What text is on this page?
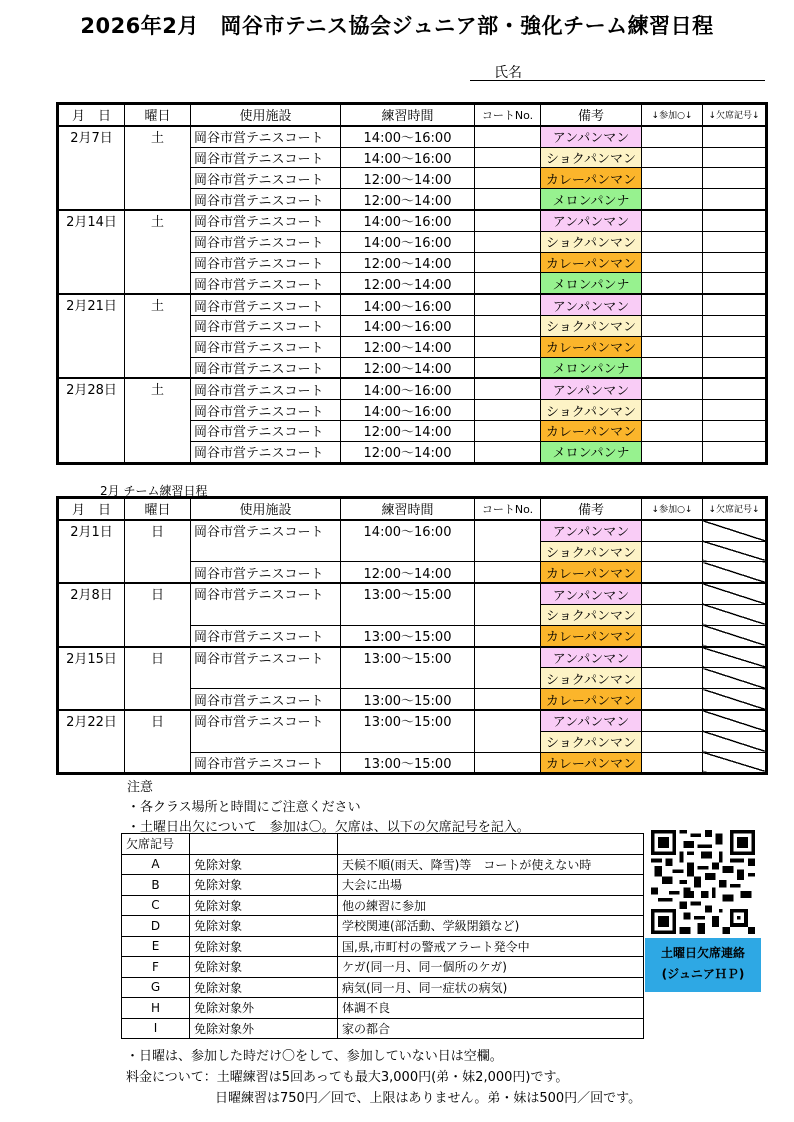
2026年2月　岡谷市テニス協会ジュニア部・強化チーム練習日程
氏名
月　日	曜日	使用施設	練習時間	コートNo.	備考	↓参加○↓	↓欠席記号↓
2月7日	土	岡谷市営テニスコート	14:00～16:00		アンパンマン		
		岡谷市営テニスコート	14:00～16:00		ショクパンマン		
		岡谷市営テニスコート	12:00～14:00		カレーパンマン		
		岡谷市営テニスコート	12:00～14:00		メロンパンナ		
2月14日	土	岡谷市営テニスコート	14:00～16:00		アンパンマン		
		岡谷市営テニスコート	14:00～16:00		ショクパンマン		
		岡谷市営テニスコート	12:00～14:00		カレーパンマン		
		岡谷市営テニスコート	12:00～14:00		メロンパンナ		
2月21日	土	岡谷市営テニスコート	14:00～16:00		アンパンマン		
		岡谷市営テニスコート	14:00～16:00		ショクパンマン		
		岡谷市営テニスコート	12:00～14:00		カレーパンマン		
		岡谷市営テニスコート	12:00～14:00		メロンパンナ		
2月28日	土	岡谷市営テニスコート	14:00～16:00		アンパンマン		
		岡谷市営テニスコート	14:00～16:00		ショクパンマン		
		岡谷市営テニスコート	12:00～14:00		カレーパンマン		
		岡谷市営テニスコート	12:00～14:00		メロンパンナ		
2月 チーム練習日程
月　日	曜日	使用施設	練習時間	コートNo.	備考	↓参加○↓	↓欠席記号↓
2月1日	日	岡谷市営テニスコート	14:00～16:00		アンパンマン		
					ショクパンマン		
		岡谷市営テニスコート	12:00～14:00		カレーパンマン		
2月8日	日	岡谷市営テニスコート	13:00～15:00		アンパンマン		
					ショクパンマン		
		岡谷市営テニスコート	13:00～15:00		カレーパンマン		
2月15日	日	岡谷市営テニスコート	13:00～15:00		アンパンマン		
					ショクパンマン		
		岡谷市営テニスコート	13:00～15:00		カレーパンマン		
2月22日	日	岡谷市営テニスコート	13:00～15:00		アンパンマン		
					ショクパンマン		
		岡谷市営テニスコート	13:00～15:00		カレーパンマン		
注意
・各クラス場所と時間にご注意ください
・土曜日出欠について　参加は〇。欠席は、以下の欠席記号を記入。
欠席記号		
A	免除対象	天候不順(雨天、降雪)等　コートが使えない時
B	免除対象	大会に出場
C	免除対象	他の練習に参加
D	免除対象	学校関連(部活動、学級閉鎖など)
E	免除対象	国,県,市町村の警戒アラート発令中
F	免除対象	ケガ(同一月、同一個所のケガ)
G	免除対象	病気(同一月、同一症状の病気)
H	免除対象外	体調不良
I	免除対象外	家の都合
土曜日欠席連絡
(ジュニアＨＰ)
・日曜は、参加した時だけ〇をして、参加していない日は空欄。
料金について：土曜練習は5回あっても最大3,000円(弟・妹2,000円)です。
日曜練習は750円／回で、上限はありません。弟・妹は500円／回です。
